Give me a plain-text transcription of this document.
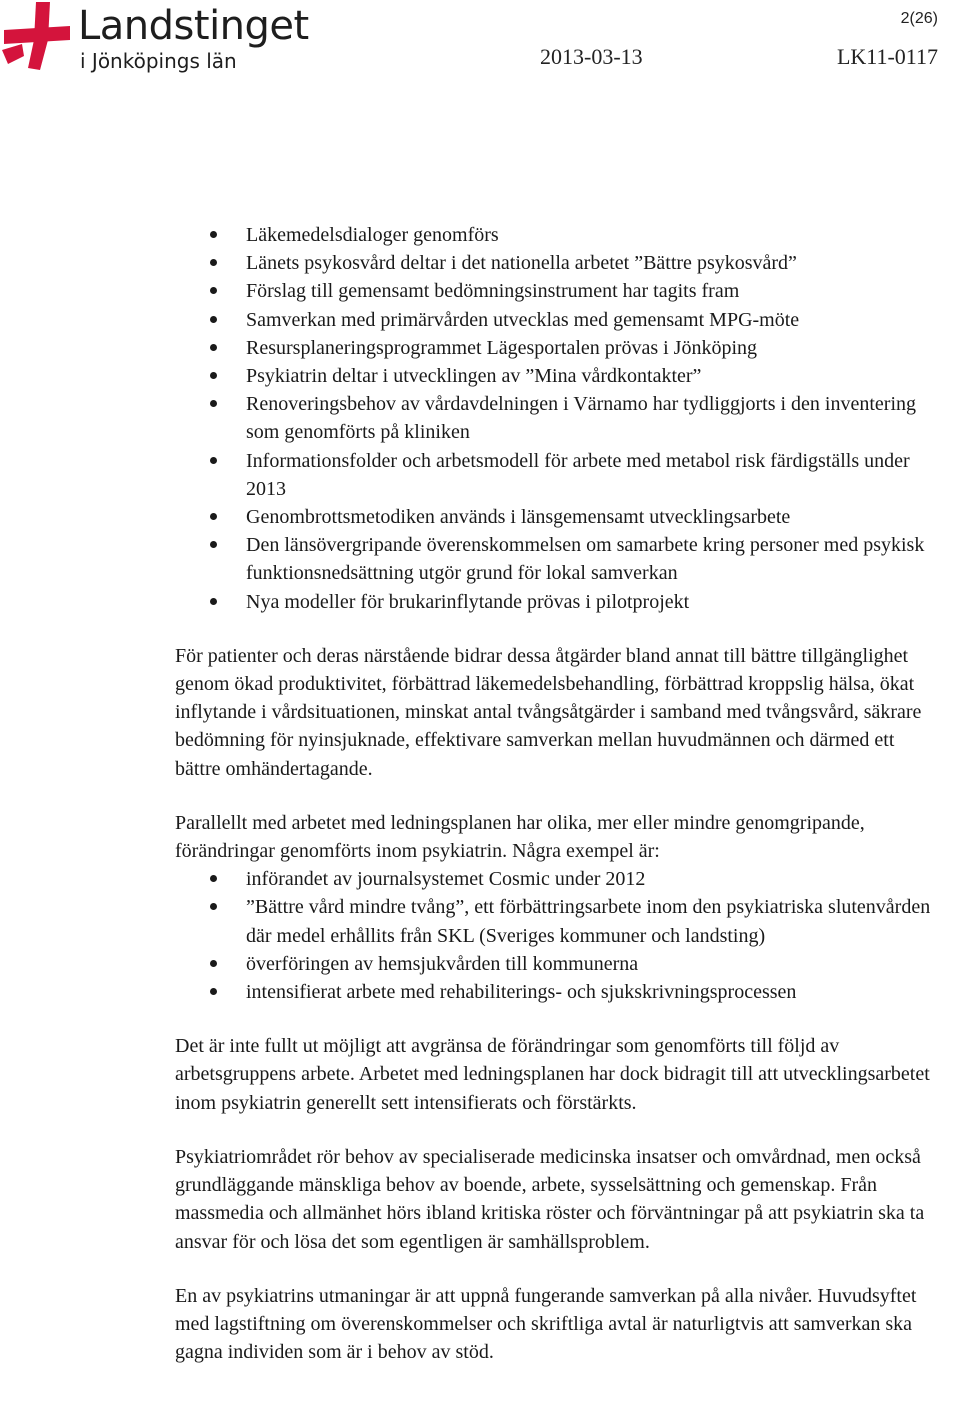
Landstinget
i Jönköpings län
2(26)
2013-03-13	LK11-0117
Läkemedelsdialoger genomförs
Länets psykosvård deltar i det nationella arbetet ”Bättre psykosvård”
Förslag till gemensamt bedömningsinstrument har tagits fram
Samverkan med primärvården utvecklas med gemensamt MPG-möte
Resursplaneringsprogrammet Lägesportalen prövas i Jönköping
Psykiatrin deltar i utvecklingen av ”Mina vårdkontakter”
Renoveringsbehov av vårdavdelningen i Värnamo har tydliggjorts i den inventering som genomförts på kliniken
Informationsfolder och arbetsmodell för arbete med metabol risk färdigställs under 2013
Genombrottsmetodiken används i länsgemensamt utvecklingsarbete
Den länsövergripande överenskommelsen om samarbete kring personer med psykisk funktionsnedsättning utgör grund för lokal samverkan
Nya modeller för brukarinflytande prövas i pilotprojekt

För patienter och deras närstående bidrar dessa åtgärder bland annat till bättre tillgänglighet genom ökad produktivitet, förbättrad läkemedelsbehandling, förbättrad kroppslig hälsa, ökat inflytande i vårdsituationen, minskat antal tvångsåtgärder i samband med tvångsvård, säkrare bedömning för nyinsjuknade, effektivare samverkan mellan huvudmännen och därmed ett bättre omhändertagande.

Parallellt med arbetet med ledningsplanen har olika, mer eller mindre genomgripande, förändringar genomförts inom psykiatrin. Några exempel är:

införandet av journalsystemet Cosmic under 2012
”Bättre vård mindre tvång”, ett förbättringsarbete inom den psykiatriska slutenvården där medel erhållits från SKL (Sveriges kommuner och landsting)
överföringen av hemsjukvården till kommunerna
intensifierat arbete med rehabiliterings- och sjukskrivningsprocessen

Det är inte fullt ut möjligt att avgränsa de förändringar som genomförts till följd av arbetsgruppens arbete. Arbetet med ledningsplanen har dock bidragit till att utvecklingsarbetet inom psykiatrin generellt sett intensifierats och förstärkts.

Psykiatriområdet rör behov av specialiserade medicinska insatser och omvårdnad, men också grundläggande mänskliga behov av boende, arbete, sysselsättning och gemenskap. Från massmedia och allmänhet hörs ibland kritiska röster och förväntningar på att psykiatrin ska ta ansvar för och lösa det som egentligen är samhällsproblem.

En av psykiatrins utmaningar är att uppnå fungerande samverkan på alla nivåer. Huvudsyftet med lagstiftning om överenskommelser och skriftliga avtal är naturligtvis att samverkan ska gagna individen som är i behov av stöd.
